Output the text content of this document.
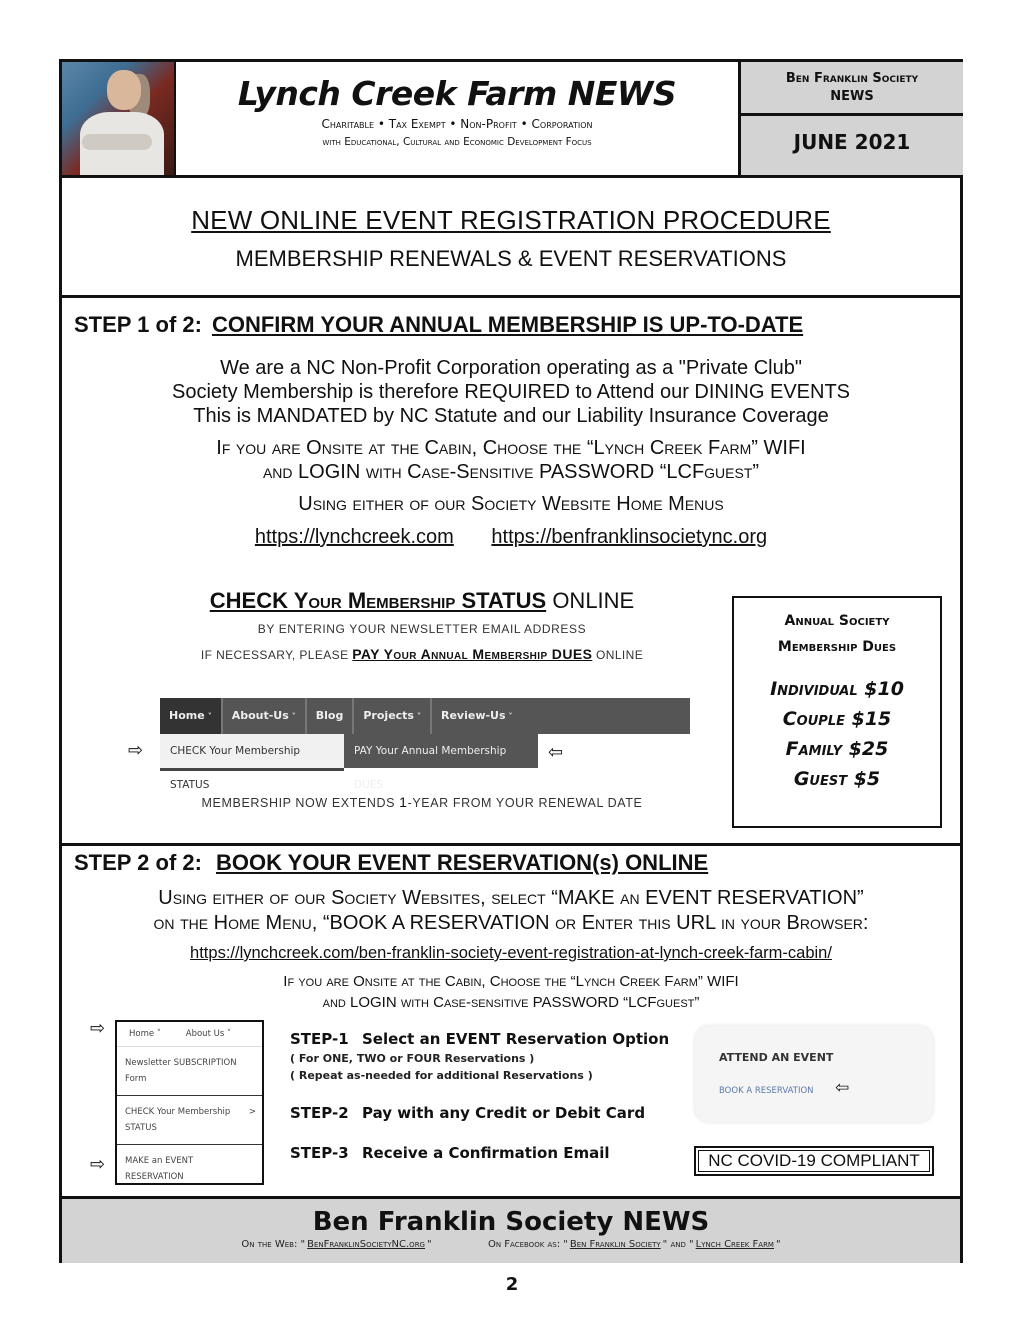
Lynch Creek Farm NEWS
Charitable • Tax Exempt • Non-Profit • Corporation
with Educational, Cultural and Economic Development Focus
Ben Franklin Society
NEWS
JUNE 2021
NEW ONLINE EVENT REGISTRATION PROCEDURE
MEMBERSHIP RENEWALS & EVENT RESERVATIONS
STEP 1 of 2: CONFIRM YOUR ANNUAL MEMBERSHIP IS UP-TO-DATE
We are a NC Non-Profit Corporation operating as a "Private Club"
Society Membership is therefore REQUIRED to Attend our DINING EVENTS
This is MANDATED by NC Statute and our Liability Insurance Coverage
If you are Onsite at the Cabin, Choose the “Lynch Creek Farm” WIFI
and LOGIN with Case-Sensitive PASSWORD “LCFguest”
Using either of our Society Website Home Menus
https://lynchcreek.com https://benfranklinsocietync.org
CHECK Your Membership STATUS ONLINE
BY ENTERING YOUR NEWSLETTER EMAIL ADDRESS
IF NECESSARY, PLEASE PAY Your Annual Membership DUES ONLINE
Home ˅	About-Us ˅	Blog	Projects ˅	Review-Us ˅
⇨	CHECK Your Membership STATUS
PAY Your Annual Membership DUES
⇦
MEMBERSHIP NOW EXTENDS 1-YEAR FROM YOUR RENEWAL DATE
Annual Society
Membership Dues
Individual $10
Couple $15
Family $25
Guest $5
STEP 2 of 2: BOOK YOUR EVENT RESERVATION(s) ONLINE
Using either of our Society Websites, select “MAKE an EVENT RESERVATION”
on the Home Menu, “BOOK A RESERVATION or Enter this URL in your Browser:
https://lynchcreek.com/ben-franklin-society-event-registration-at-lynch-creek-farm-cabin/
If you are Onsite at the Cabin, Choose the “Lynch Creek Farm” WIFI
and LOGIN with Case-sensitive PASSWORD “LCFguest”
⇨
⇨
Home ˅	About Us ˅
Newsletter SUBSCRIPTION Form
CHECK Your Membership STATUS
>
MAKE an EVENT RESERVATION
STEP-1 Select an EVENT Reservation Option
( For ONE, TWO or FOUR Reservations )
( Repeat as-needed for additional Reservations )
STEP-2 Pay with any Credit or Debit Card
STEP-3 Receive a Confirmation Email
ATTEND AN EVENT
BOOK A RESERVATION ⇦
NC COVID-19 COMPLIANT
Ben Franklin Society NEWS
On the Web: " BenFranklinSocietyNC.org "	On Facebook as: " Ben Franklin Society " and " Lynch Creek Farm "
2
